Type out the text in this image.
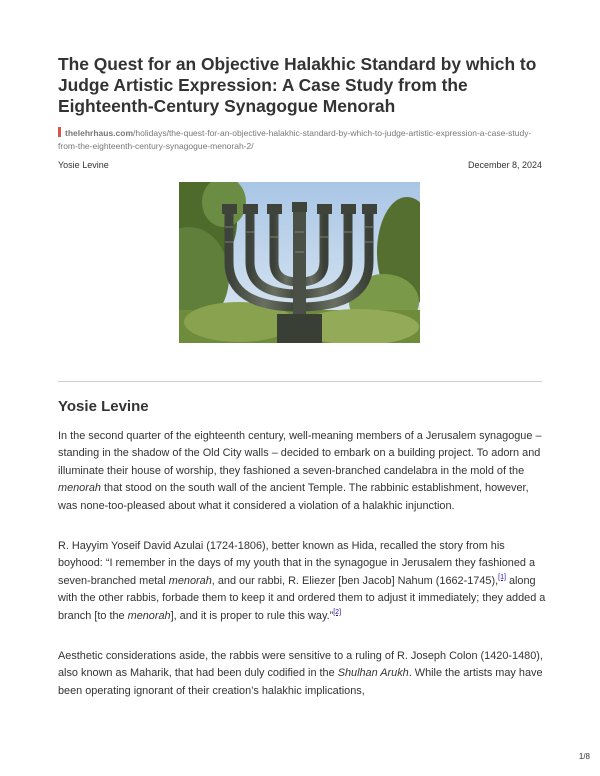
The Quest for an Objective Halakhic Standard by which to Judge Artistic Expression: A Case Study from the Eighteenth-Century Synagogue Menorah
thelehrhaus.com/holidays/the-quest-for-an-objective-halakhic-standard-by-which-to-judge-artistic-expression-a-case-study-from-the-eighteenth-century-synagogue-menorah-2/
Yosie Levine	December 8, 2024
Yosie Levine

In the second quarter of the eighteenth century, well-meaning members of a Jerusalem synagogue – standing in the shadow of the Old City walls – decided to embark on a building project. To adorn and illuminate their house of worship, they fashioned a seven-branched candelabra in the mold of the menorah that stood on the south wall of the ancient Temple. The rabbinic establishment, however, was none-too-pleased about what it considered a violation of a halakhic injunction.

R. Hayyim Yoseif David Azulai (1724-1806), better known as Hida, recalled the story from his boyhood: “I remember in the days of my youth that in the synagogue in Jerusalem they fashioned a seven-branched metal menorah, and our rabbi, R. Eliezer [ben Jacob] Nahum (1662-1745),[1] along with the other rabbis, forbade them to keep it and ordered them to adjust it immediately; they added a branch [to the menorah], and it is proper to rule this way.”[2]

Aesthetic considerations aside, the rabbis were sensitive to a ruling of R. Joseph Colon (1420-1480), also known as Maharik, that had been duly codified in the Shulhan Arukh. While the artists may have been operating ignorant of their creation’s halakhic implications,

1/8
